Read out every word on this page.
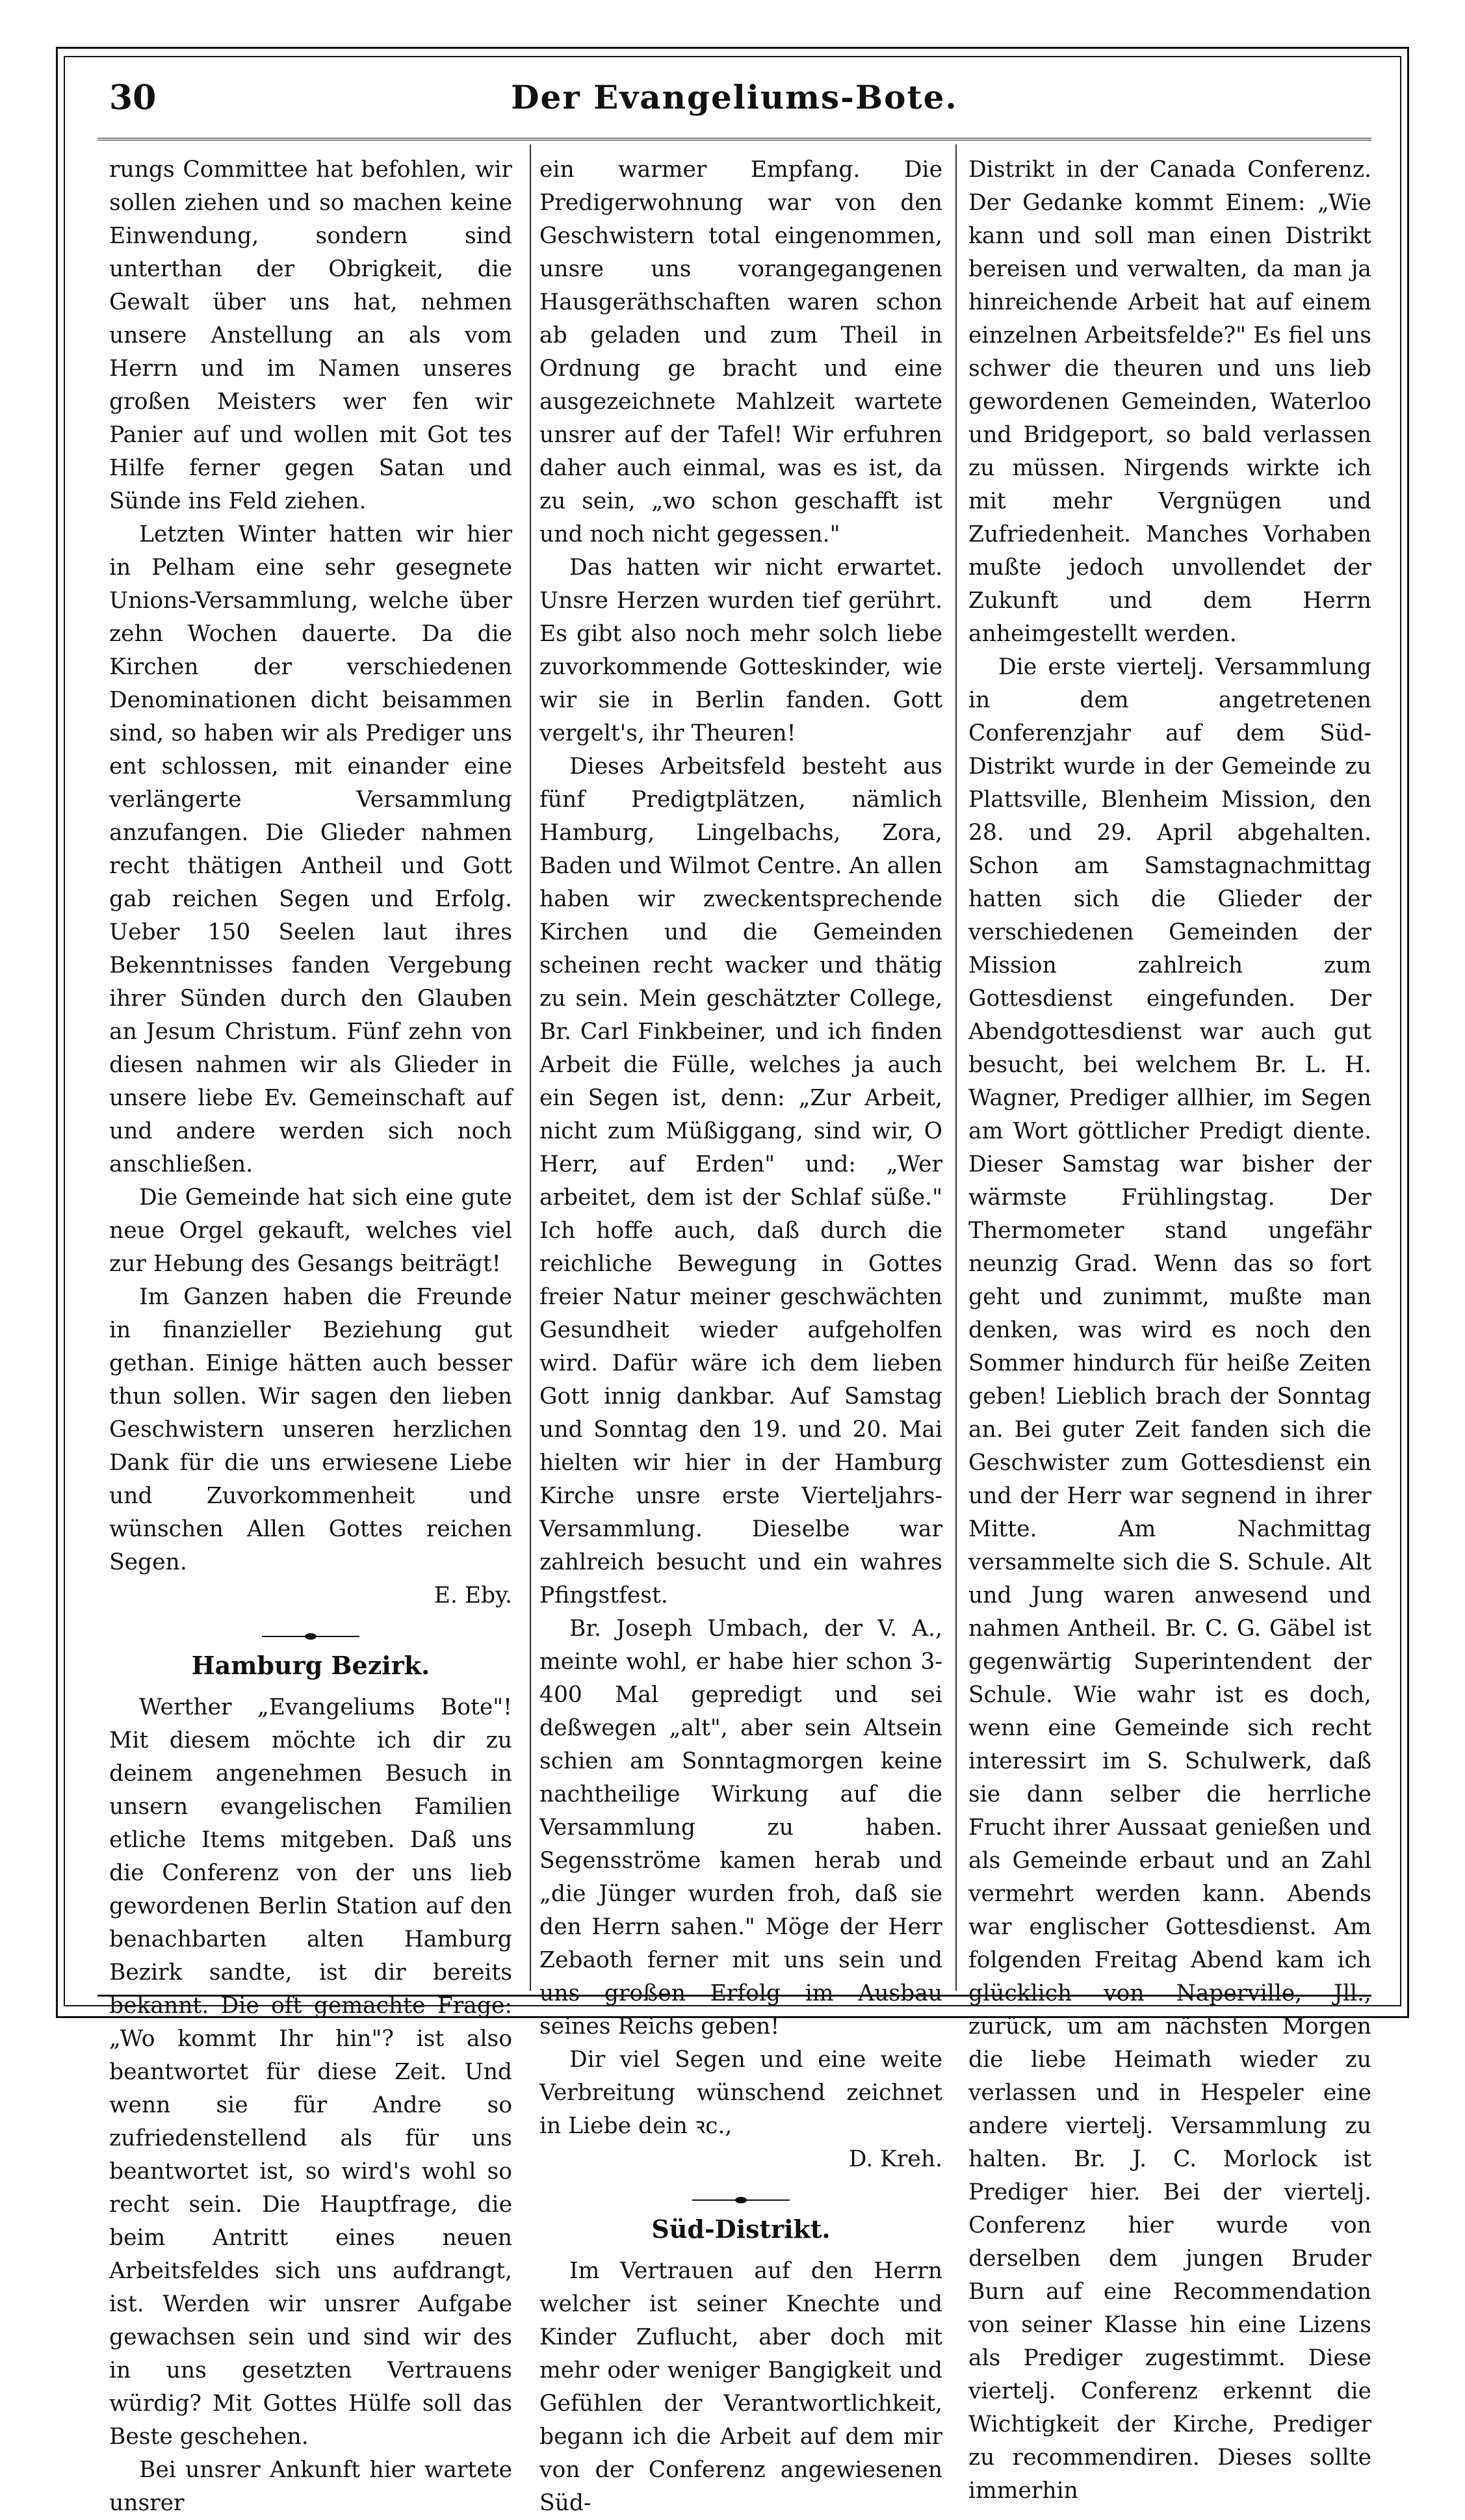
30	Der Evangeliums-Bote.

rungs Committee hat befohlen, wir sollen ziehen und so machen keine Einwendung, sondern sind unterthan der Obrigkeit, die Gewalt über uns hat, nehmen unsere Anstellung an als vom Herrn und im Namen unseres großen Meisters wer fen wir Panier auf und wollen mit Got tes Hilfe ferner gegen Satan und Sünde ins Feld ziehen.

Letzten Winter hatten wir hier in Pelham eine sehr gesegnete Unions-Versammlung, welche über zehn Wochen dauerte. Da die Kirchen der verschiedenen Denominationen dicht beisammen sind, so haben wir als Prediger uns ent schlossen, mit einander eine verlängerte Versammlung anzufangen. Die Glieder nahmen recht thätigen Antheil und Gott gab reichen Segen und Erfolg. Ueber 150 Seelen laut ihres Bekenntnisses fanden Vergebung ihrer Sünden durch den Glauben an Jesum Christum. Fünf zehn von diesen nahmen wir als Glieder in unsere liebe Ev. Gemeinschaft auf und andere werden sich noch anschließen.

Die Gemeinde hat sich eine gute neue Orgel gekauft, welches viel zur Hebung des Gesangs beiträgt!

Im Ganzen haben die Freunde in finanzieller Beziehung gut gethan. Einige hätten auch besser thun sollen. Wir sagen den lieben Geschwistern unseren herzlichen Dank für die uns erwiesene Liebe und Zuvorkommenheit und wünschen Allen Gottes reichen Segen.

E. Eby.

Hamburg Bezirk.

Werther „Evangeliums Bote"! Mit diesem möchte ich dir zu deinem angenehmen Besuch in unsern evangelischen Familien etliche Items mitgeben. Daß uns die Conferenz von der uns lieb gewordenen Berlin Station auf den benachbarten alten Hamburg Bezirk sandte, ist dir bereits bekannt. Die oft gemachte Frage: „Wo kommt Ihr hin"? ist also beantwortet für diese Zeit. Und wenn sie für Andre so zufriedenstellend als für uns beantwortet ist, so wird's wohl so recht sein. Die Hauptfrage, die beim Antritt eines neuen Arbeitsfeldes sich uns aufdrangt, ist. Werden wir unsrer Aufgabe gewachsen sein und sind wir des in uns gesetzten Vertrauens würdig? Mit Gottes Hülfe soll das Beste geschehen.

Bei unsrer Ankunft hier wartete unsrer

ein warmer Empfang. Die Predigerwohnung war von den Geschwistern total eingenommen, unsre uns vorangegangenen Hausgeräthschaften waren schon ab geladen und zum Theil in Ordnung ge bracht und eine ausgezeichnete Mahlzeit wartete unsrer auf der Tafel! Wir erfuhren daher auch einmal, was es ist, da zu sein, „wo schon geschafft ist und noch nicht gegessen."

Das hatten wir nicht erwartet. Unsre Herzen wurden tief gerührt. Es gibt also noch mehr solch liebe zuvorkommende Gotteskinder, wie wir sie in Berlin fanden. Gott vergelt's, ihr Theuren!

Dieses Arbeitsfeld besteht aus fünf Predigtplätzen, nämlich Hamburg, Lingelbachs, Zora, Baden und Wilmot Centre. An allen haben wir zweckentsprechende Kirchen und die Gemeinden scheinen recht wacker und thätig zu sein. Mein geschätzter College, Br. Carl Finkbeiner, und ich finden Arbeit die Fülle, welches ja auch ein Segen ist, denn: „Zur Arbeit, nicht zum Müßiggang, sind wir, O Herr, auf Erden" und: „Wer arbeitet, dem ist der Schlaf süße." Ich hoffe auch, daß durch die reichliche Bewegung in Gottes freier Natur meiner geschwächten Gesundheit wieder aufgeholfen wird. Dafür wäre ich dem lieben Gott innig dankbar. Auf Samstag und Sonntag den 19. und 20. Mai hielten wir hier in der Hamburg Kirche unsre erste Vierteljahrs-Versammlung. Dieselbe war zahlreich besucht und ein wahres Pfingstfest.

Br. Joseph Umbach, der V. A., meinte wohl, er habe hier schon 3-400 Mal gepredigt und sei deßwegen „alt", aber sein Altsein schien am Sonntagmorgen keine nachtheilige Wirkung auf die Versammlung zu haben. Segensströme kamen herab und „die Jünger wurden froh, daß sie den Herrn sahen." Möge der Herr Zebaoth ferner mit uns sein und uns großen Erfolg im Ausbau seines Reichs geben!

Dir viel Segen und eine weite Verbreitung wünschend zeichnet in Liebe dein ꝛc.,

D. Kreh.

Süd-Distrikt.

Im Vertrauen auf den Herrn welcher ist seiner Knechte und Kinder Zuflucht, aber doch mit mehr oder weniger Bangigkeit und Gefühlen der Verantwortlichkeit, begann ich die Arbeit auf dem mir von der Conferenz angewiesenen Süd-

Distrikt in der Canada Conferenz. Der Gedanke kommt Einem: „Wie kann und soll man einen Distrikt bereisen und verwalten, da man ja hinreichende Arbeit hat auf einem einzelnen Arbeitsfelde?" Es fiel uns schwer die theuren und uns lieb gewordenen Gemeinden, Waterloo und Bridgeport, so bald verlassen zu müssen. Nirgends wirkte ich mit mehr Vergnügen und Zufriedenheit. Manches Vorhaben mußte jedoch unvollendet der Zukunft und dem Herrn anheimgestellt werden.

Die erste viertelj. Versammlung in dem angetretenen Conferenzjahr auf dem Süd-Distrikt wurde in der Gemeinde zu Plattsville, Blenheim Mission, den 28. und 29. April abgehalten. Schon am Samstagnachmittag hatten sich die Glieder der verschiedenen Gemeinden der Mission zahlreich zum Gottesdienst eingefunden. Der Abendgottesdienst war auch gut besucht, bei welchem Br. L. H. Wagner, Prediger allhier, im Segen am Wort göttlicher Predigt diente. Dieser Samstag war bisher der wärmste Frühlingstag. Der Thermometer stand ungefähr neunzig Grad. Wenn das so fort geht und zunimmt, mußte man denken, was wird es noch den Sommer hindurch für heiße Zeiten geben! Lieblich brach der Sonntag an. Bei guter Zeit fanden sich die Geschwister zum Gottesdienst ein und der Herr war segnend in ihrer Mitte. Am Nachmittag versammelte sich die S. Schule. Alt und Jung waren anwesend und nahmen Antheil. Br. C. G. Gäbel ist gegenwärtig Superintendent der Schule. Wie wahr ist es doch, wenn eine Gemeinde sich recht interessirt im S. Schulwerk, daß sie dann selber die herrliche Frucht ihrer Aussaat genießen und als Gemeinde erbaut und an Zahl vermehrt werden kann. Abends war englischer Gottesdienst. Am folgenden Freitag Abend kam ich glücklich von Naperville, Jll., zurück, um am nächsten Morgen die liebe Heimath wieder zu verlassen und in Hespeler eine andere viertelj. Versammlung zu halten. Br. J. C. Morlock ist Prediger hier. Bei der viertelj. Conferenz hier wurde von derselben dem jungen Bruder Burn auf eine Recommendation von seiner Klasse hin eine Lizens als Prediger zugestimmt. Diese viertelj. Conferenz erkennt die Wichtigkeit der Kirche, Prediger zu recommendiren. Dieses sollte immerhin
